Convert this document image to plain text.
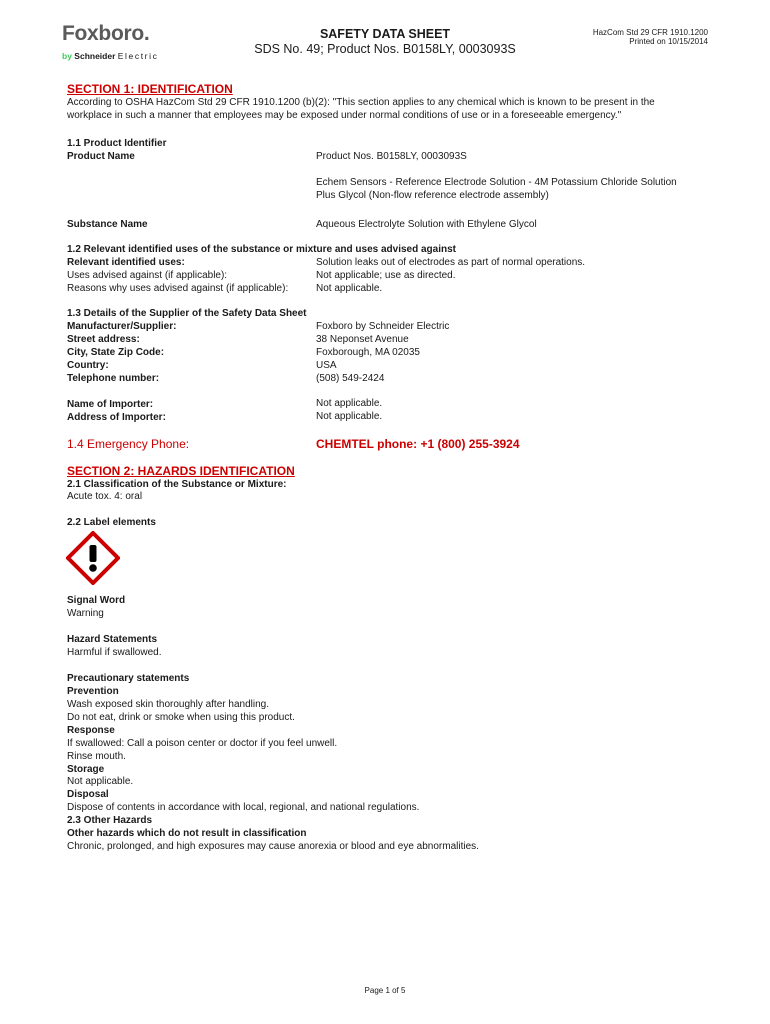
Foxboro.
by Schneider Electric
SAFETY DATA SHEET
SDS No. 49; Product Nos. B0158LY, 0003093S
HazCom Std 29 CFR 1910.1200
Printed on 10/15/2014
SECTION 1: IDENTIFICATION
According to OSHA HazCom Std 29 CFR 1910.1200 (b)(2): "This section applies to any chemical which is known to be present in the workplace in such a manner that employees may be exposed under normal conditions of use or in a foreseeable emergency."
1.1 Product Identifier
Product Name	Product Nos. B0158LY, 0003093S
Echem Sensors - Reference Electrode Solution - 4M Potassium Chloride Solution
Plus Glycol (Non-flow reference electrode assembly)
Substance Name	Aqueous Electrolyte Solution with Ethylene Glycol
1.2 Relevant identified uses of the substance or mixture and uses advised against
Relevant identified uses:	Solution leaks out of electrodes as part of normal operations.
Uses advised against (if applicable):	Not applicable; use as directed.
Reasons why uses advised against (if applicable):	Not applicable.
1.3 Details of the Supplier of the Safety Data Sheet
Manufacturer/Supplier:	Foxboro by Schneider Electric
Street address:	38 Neponset Avenue
City, State Zip Code:	Foxborough, MA 02035
Country:	USA
Telephone number:	(508) 549-2424
Name of Importer:	Not applicable.
Address of Importer:	Not applicable.
1.4 Emergency Phone:	CHEMTEL phone: +1 (800) 255-3924
SECTION 2: HAZARDS IDENTIFICATION
2.1 Classification of the Substance or Mixture:
Acute tox. 4: oral
2.2 Label elements
Signal Word
Warning
Hazard Statements
Harmful if swallowed.
Precautionary statements
Prevention
Wash exposed skin thoroughly after handling.
Do not eat, drink or smoke when using this product.
Response
If swallowed: Call a poison center or doctor if you feel unwell.
Rinse mouth.
Storage
Not applicable.
Disposal
Dispose of contents in accordance with local, regional, and national regulations.
2.3 Other Hazards
Other hazards which do not result in classification
Chronic, prolonged, and high exposures may cause anorexia or blood and eye abnormalities.
Page 1 of 5
